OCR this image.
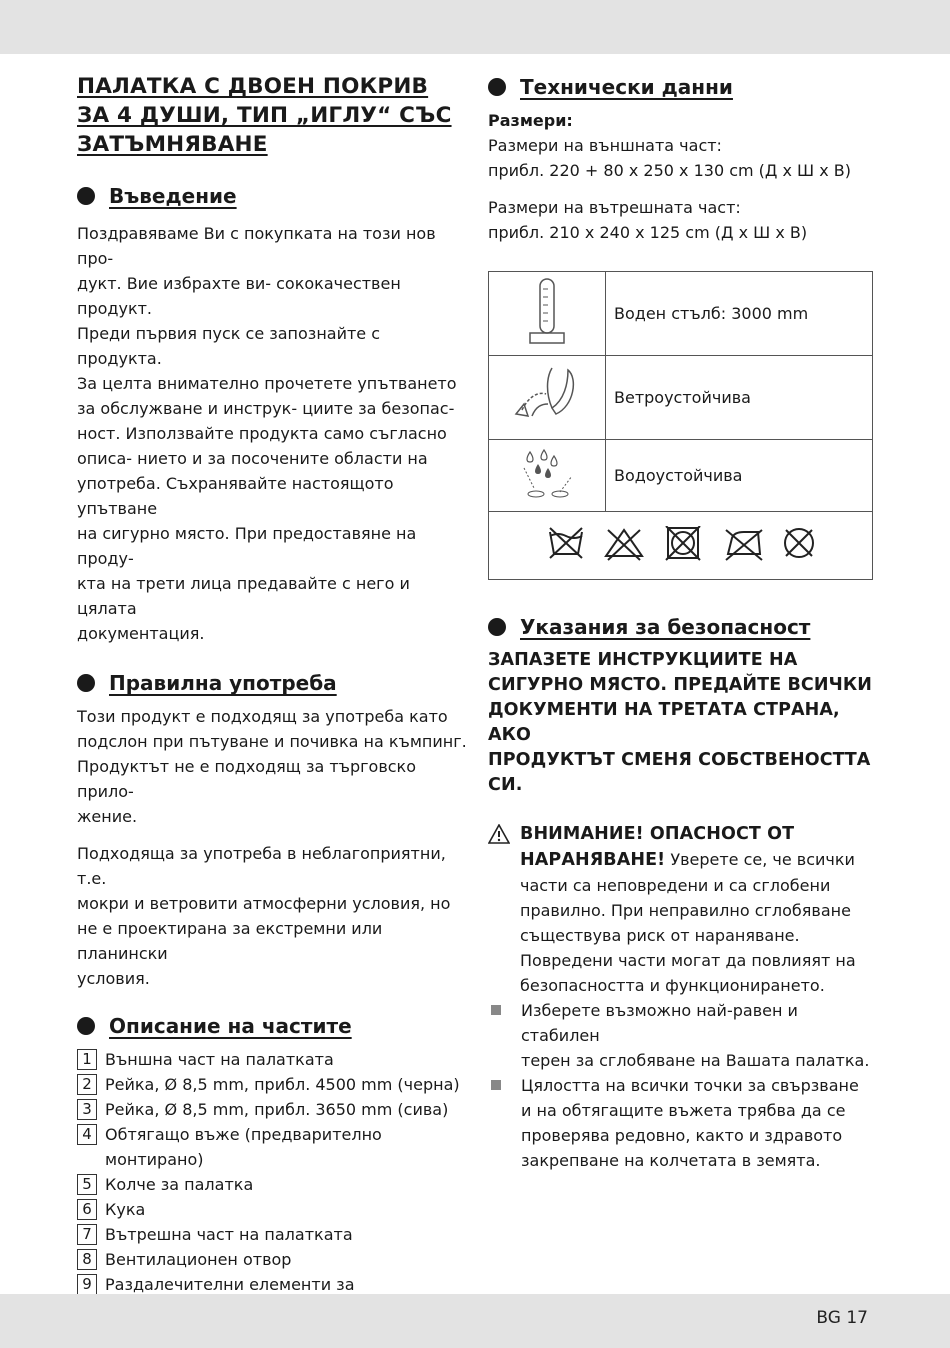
ПАЛАТКА С ДВОЕН ПОКРИВ
ЗА 4 ДУШИ, ТИП „ИГЛУ“ СЪС
ЗАТЪМНЯВАНЕ
Въведение

Поздравяваме Ви с покупката на този нов про-

дукт. Вие избрахте ви- сококачествен продукт.

Преди първия пуск се запознайте с продукта.

За целта внимателно прочетете упътването

за обслужване и инструк- циите за безопас-

ност. Използвайте продукта само съгласно

описа- нието и за посочените области на

употреба. Съхранявайте настоящото упътване

на сигурно място. При предоставяне на проду-

кта на трети лица предавайте с него и цялата

документация.

Правилна употреба

Този продукт е подходящ за употреба като

подслон при пътуване и почивка на къмпинг.

Продуктът не е подходящ за търговско прило-

жение.

Подходяща за употреба в неблагоприятни, т.е.

мокри и ветровити атмосферни условия, но

не е проектирана за екстремни или планински

условия.

Описание на частите
1 Външна част на палатката
2 Рейка, Ø 8,5 mm, прибл. 4500 mm (черна)
3 Рейка, Ø 8,5 mm, прибл. 3650 mm (сива)
4 Обтягащо въже (предварително
монтирано)
5 Колче за палатка
6 Кука
7 Вътрешна част на палатката
8 Вентилационен отвор
9 Раздалечителни елементи за
Технически данни
Размери:

Размери на външната част:

прибл. 220 + 80 x 250 x 130 cm (Д x Ш x В)

Размери на вътрешната част:

прибл. 210 x 240 x 125 cm (Д x Ш x В)

	Воден стълб: 3000 mm
	Ветроустойчива
	Водоустойчива

Указания за безопасност
ЗАПАЗЕТЕ ИНСТРУКЦИИТЕ НА
СИГУРНО МЯСТО. ПРЕДАЙТЕ ВСИЧКИ
ДОКУМЕНТИ НА ТРЕТАТА СТРАНА, АКО
ПРОДУКТЪТ СМЕНЯ СОБСТВЕНОСТТА
СИ.
ВНИМАНИЕ! ОПАСНОСТ ОТ

НАРАНЯВАНЕ! Уверете се, че всички

части са неповредени и са сглобени

правилно. При неправилно сглобяване

съществува риск от нараняване.

Повредени части могат да повлияят на

безопасността и функционирането.

Изберете възможно най-равен и стабилен
терен за сглобяване на Вашата палатка.
Цялостта на всички точки за свързване
и на обтягащите въжета трябва да се
проверява редовно, както и здравото
закрепване на колчетата в земята.
BG 17
